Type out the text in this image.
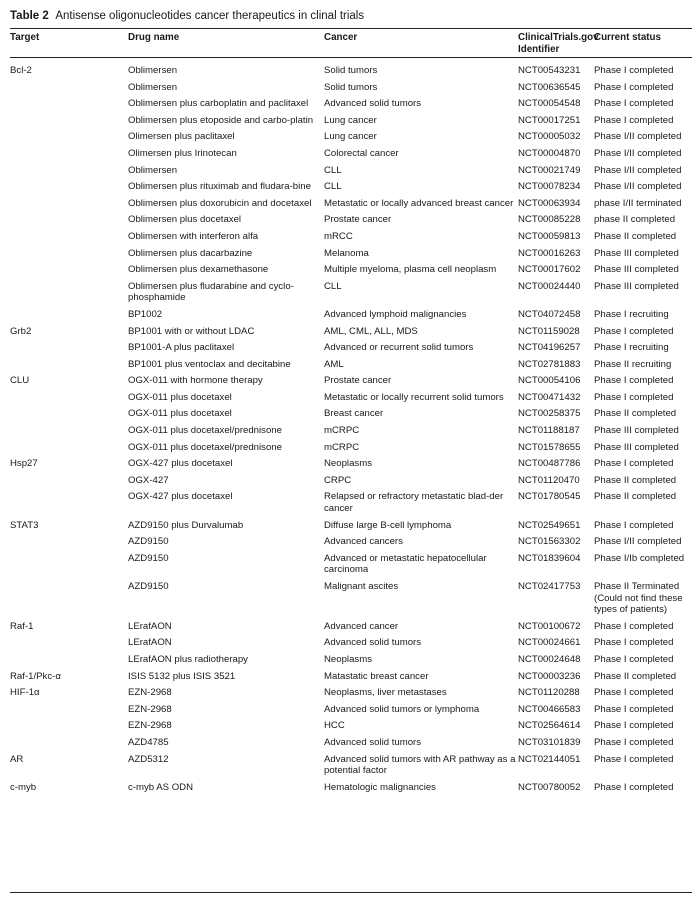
Table 2 Antisense oligonucleotides cancer therapeutics in clinal trials
Target	Drug name	Cancer	ClinicalTrials.gov Identifier	Current status
Bcl-2	Oblimersen	Solid tumors	NCT00543231	Phase I completed
	Oblimersen	Solid tumors	NCT00636545	Phase I completed
	Oblimersen plus carboplatin and paclitaxel	Advanced solid tumors	NCT00054548	Phase I completed
	Oblimersen plus etoposide and carbo-platin	Lung cancer	NCT00017251	Phase I completed
	Olimersen plus paclitaxel	Lung cancer	NCT00005032	Phase I/II completed
	Olimersen plus Irinotecan	Colorectal cancer	NCT00004870	Phase I/II completed
	Oblimersen	CLL	NCT00021749	Phase I/II completed
	Oblimersen plus rituximab and fludara-bine	CLL	NCT00078234	Phase I/II completed
	Oblimersen plus doxorubicin and docetaxel	Metastatic or locally advanced breast cancer	NCT00063934	phase I/II terminated
	Oblimersen plus docetaxel	Prostate cancer	NCT00085228	phase II completed
	Oblimersen with interferon alfa	mRCC	NCT00059813	Phase II completed
	Oblimersen plus dacarbazine	Melanoma	NCT00016263	Phase III completed
	Oblimersen plus dexamethasone	Multiple myeloma, plasma cell neoplasm	NCT00017602	Phase III completed
	Oblimersen plus fludarabine and cyclo-phosphamide	CLL	NCT00024440	Phase III completed
	BP1002	Advanced lymphoid malignancies	NCT04072458	Phase I recruiting
Grb2	BP1001 with or without LDAC	AML, CML, ALL, MDS	NCT01159028	Phase I completed
	BP1001-A plus paclitaxel	Advanced or recurrent solid tumors	NCT04196257	Phase I recruiting
	BP1001 plus ventoclax and decitabine	AML	NCT02781883	Phase II recruiting
CLU	OGX-011 with hormone therapy	Prostate cancer	NCT00054106	Phase I completed
	OGX-011 plus docetaxel	Metastatic or locally recurrent solid tumors	NCT00471432	Phase I completed
	OGX-011 plus docetaxel	Breast cancer	NCT00258375	Phase II completed
	OGX-011 plus docetaxel/prednisone	mCRPC	NCT01188187	Phase III completed
	OGX-011 plus docetaxel/prednisone	mCRPC	NCT01578655	Phase III completed
Hsp27	OGX-427 plus docetaxel	Neoplasms	NCT00487786	Phase I completed
	OGX-427	CRPC	NCT01120470	Phase II completed
	OGX-427 plus docetaxel	Relapsed or refractory metastatic blad-der cancer	NCT01780545	Phase II completed
STAT3	AZD9150 plus Durvalumab	Diffuse large B-cell lymphoma	NCT02549651	Phase I completed
	AZD9150	Advanced cancers	NCT01563302	Phase I/II completed
	AZD9150	Advanced or metastatic hepatocellular carcinoma	NCT01839604	Phase I/Ib completed
	AZD9150	Malignant ascites	NCT02417753	Phase II Terminated (Could not find these types of patients)
Raf-1	LErafAON	Advanced cancer	NCT00100672	Phase I completed
	LErafAON	Advanced solid tumors	NCT00024661	Phase I completed
	LErafAON plus radiotherapy	Neoplasms	NCT00024648	Phase I completed
Raf-1/Pkc-α	ISIS 5132 plus ISIS 3521	Matastatic breast cancer	NCT00003236	Phase II completed
HIF-1α	EZN-2968	Neoplasms, liver metastases	NCT01120288	Phase I completed
	EZN-2968	Advanced solid tumors or lymphoma	NCT00466583	Phase I completed
	EZN-2968	HCC	NCT02564614	Phase I completed
	AZD4785	Advanced solid tumors	NCT03101839	Phase I completed
AR	AZD5312	Advanced solid tumors with AR pathway as a potential factor	NCT02144051	Phase I completed
c-myb	c-myb AS ODN	Hematologic malignancies	NCT00780052	Phase I completed
